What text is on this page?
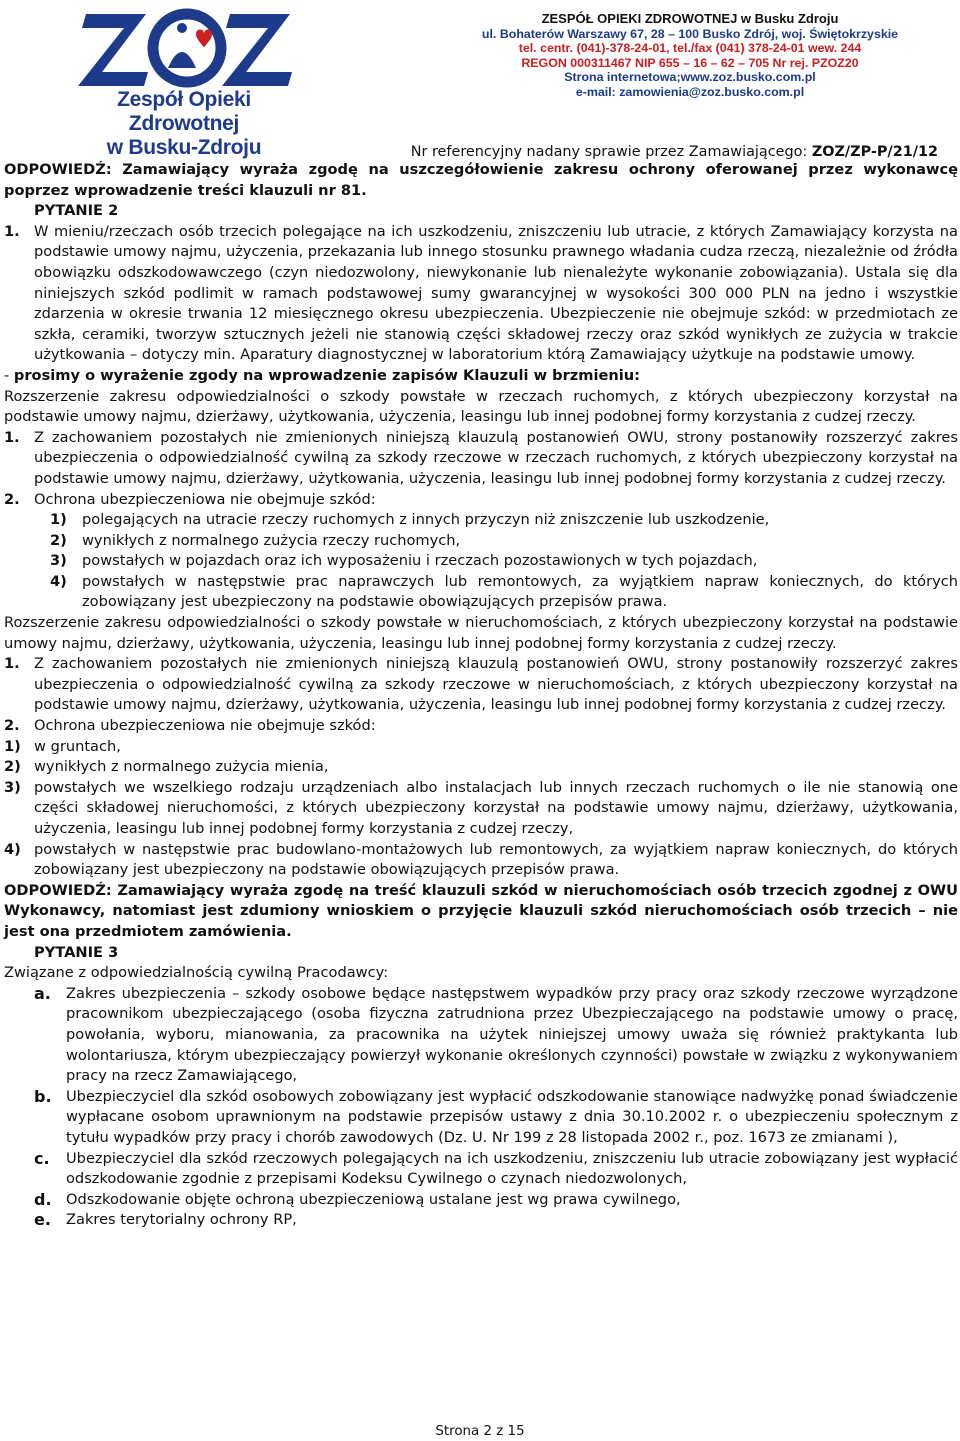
Zespół Opieki Zdrowotnej
w Busku-Zdroju
ZESPÓŁ OPIEKI ZDROWOTNEJ w Busku Zdroju
ul. Bohaterów Warszawy 67, 28 – 100 Busko Zdrój, woj. Świętokrzyskie
tel. centr. (041)-378-24-01, tel./fax (041) 378-24-01 wew. 244
REGON 000311467 NIP 655 – 16 – 62 – 705 Nr rej. PZOZ20
Strona internetowa;www.zoz.busko.com.pl
e-mail: zamowienia@zoz.busko.com.pl
Nr referencyjny nadany sprawie przez Zamawiającego: ZOZ/ZP-P/21/12
ODPOWIEDŹ: Zamawiający wyraża zgodę na uszczegółowienie zakresu ochrony oferowanej przez wykonawcę poprzez wprowadzenie treści klauzuli nr 81.
PYTANIE 2
1. W mieniu/rzeczach osób trzecich polegające na ich uszkodzeniu, zniszczeniu lub utracie, z których Zamawiający korzysta na podstawie umowy najmu, użyczenia, przekazania lub innego stosunku prawnego władania cudza rzeczą, niezależnie od źródła obowiązku odszkodowawczego (czyn niedozwolony, niewykonanie lub nienależyte wykonanie zobowiązania). Ustala się dla niniejszych szkód podlimit w ramach podstawowej sumy gwarancyjnej w wysokości 300 000 PLN na jedno i wszystkie zdarzenia w okresie trwania 12 miesięcznego okresu ubezpieczenia. Ubezpieczenie nie obejmuje szkód: w przedmiotach ze szkła, ceramiki, tworzyw sztucznych jeżeli nie stanowią części składowej rzeczy oraz szkód wynikłych ze zużycia w trakcie użytkowania – dotyczy min. Aparatury diagnostycznej w laboratorium którą Zamawiający użytkuje na podstawie umowy.
- prosimy o wyrażenie zgody na wprowadzenie zapisów Klauzuli w brzmieniu:
Rozszerzenie zakresu odpowiedzialności o szkody powstałe w rzeczach ruchomych, z których ubezpieczony korzystał na podstawie umowy najmu, dzierżawy, użytkowania, użyczenia, leasingu lub innej podobnej formy korzystania z cudzej rzeczy.
1. Z zachowaniem pozostałych nie zmienionych niniejszą klauzulą postanowień OWU, strony postanowiły rozszerzyć zakres ubezpieczenia o odpowiedzialność cywilną za szkody rzeczowe w rzeczach ruchomych, z których ubezpieczony korzystał na podstawie umowy najmu, dzierżawy, użytkowania, użyczenia, leasingu lub innej podobnej formy korzystania z cudzej rzeczy.
2. Ochrona ubezpieczeniowa nie obejmuje szkód:
1) polegających na utracie rzeczy ruchomych z innych przyczyn niż zniszczenie lub uszkodzenie,
2) wynikłych z normalnego zużycia rzeczy ruchomych,
3) powstałych w pojazdach oraz ich wyposażeniu i rzeczach pozostawionych w tych pojazdach,
4) powstałych w następstwie prac naprawczych lub remontowych, za wyjątkiem napraw koniecznych, do których zobowiązany jest ubezpieczony na podstawie obowiązujących przepisów prawa.
Rozszerzenie zakresu odpowiedzialności o szkody powstałe w nieruchomościach, z których ubezpieczony korzystał na podstawie umowy najmu, dzierżawy, użytkowania, użyczenia, leasingu lub innej podobnej formy korzystania z cudzej rzeczy.
1. Z zachowaniem pozostałych nie zmienionych niniejszą klauzulą postanowień OWU, strony postanowiły rozszerzyć zakres ubezpieczenia o odpowiedzialność cywilną za szkody rzeczowe w nieruchomościach, z których ubezpieczony korzystał na podstawie umowy najmu, dzierżawy, użytkowania, użyczenia, leasingu lub innej podobnej formy korzystania z cudzej rzeczy.
2. Ochrona ubezpieczeniowa nie obejmuje szkód:
1) w gruntach,
2) wynikłych z normalnego zużycia mienia,
3) powstałych we wszelkiego rodzaju urządzeniach albo instalacjach lub innych rzeczach ruchomych o ile nie stanowią one części składowej nieruchomości, z których ubezpieczony korzystał na podstawie umowy najmu, dzierżawy, użytkowania, użyczenia, leasingu lub innej podobnej formy korzystania z cudzej rzeczy,
4) powstałych w następstwie prac budowlano-montażowych lub remontowych, za wyjątkiem napraw koniecznych, do których zobowiązany jest ubezpieczony na podstawie obowiązujących przepisów prawa.
ODPOWIEDŹ: Zamawiający wyraża zgodę na treść klauzuli szkód w nieruchomościach osób trzecich zgodnej z OWU Wykonawcy, natomiast jest zdumiony wnioskiem o przyjęcie klauzuli szkód nieruchomościach osób trzecich – nie jest ona przedmiotem zamówienia.
PYTANIE 3
Związane z odpowiedzialnością cywilną Pracodawcy:
a. Zakres ubezpieczenia – szkody osobowe będące następstwem wypadków przy pracy oraz szkody rzeczowe wyrządzone pracownikom ubezpieczającego (osoba fizyczna zatrudniona przez Ubezpieczającego na podstawie umowy o pracę, powołania, wyboru, mianowania, za pracownika na użytek niniejszej umowy uważa się również praktykanta lub wolontariusza, którym ubezpieczający powierzył wykonanie określonych czynności) powstałe w związku z wykonywaniem pracy na rzecz Zamawiającego,
b. Ubezpieczyciel dla szkód osobowych zobowiązany jest wypłacić odszkodowanie stanowiące nadwyżkę ponad świadczenie wypłacane osobom uprawnionym na podstawie przepisów ustawy z dnia 30.10.2002 r. o ubezpieczeniu społecznym z tytułu wypadków przy pracy i chorób zawodowych (Dz. U. Nr 199 z 28 listopada 2002 r., poz. 1673 ze zmianami ),
c. Ubezpieczyciel dla szkód rzeczowych polegających na ich uszkodzeniu, zniszczeniu lub utracie zobowiązany jest wypłacić odszkodowanie zgodnie z przepisami Kodeksu Cywilnego o czynach niedozwolonych,
d. Odszkodowanie objęte ochroną ubezpieczeniową ustalane jest wg prawa cywilnego,
e. Zakres terytorialny ochrony RP,
Strona 2 z 15
